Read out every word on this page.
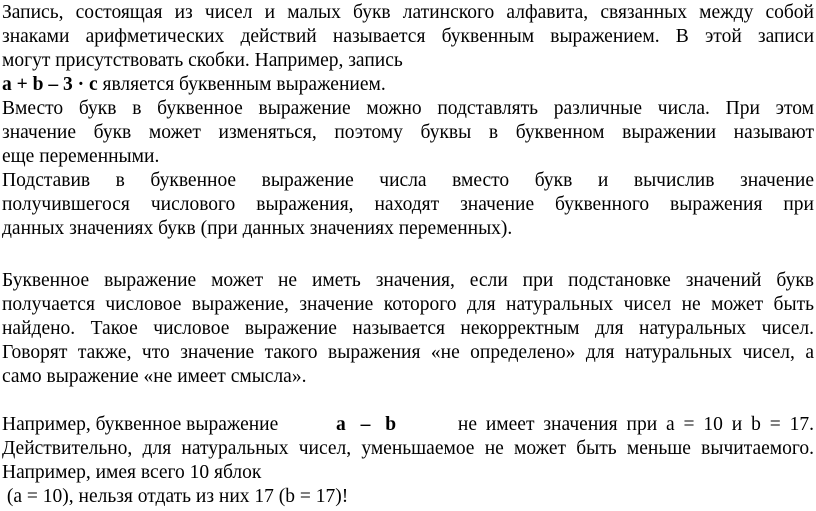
Запись, состоящая из чисел и малых букв латинского алфавита, связанных между собой
знаками арифметических действий называется буквенным выражением. В этой записи
могут присутствовать скобки. Например, запись
a + b – 3 · c является буквенным выражением.
Вместо букв в буквенное выражение можно подставлять различные числа. При этом
значение букв может изменяться, поэтому буквы в буквенном выражении называют
еще переменными.
Подставив в буквенное выражение числа вместо букв и вычислив значение
получившегося числового выражения, находят значение буквенного выражения при
данных значениях букв (при данных значениях переменных).
Буквенное выражение может не иметь значения, если при подстановке значений букв
получается числовое выражение, значение которого для натуральных чисел не может быть
найдено. Такое числовое выражение называется некорректным для натуральных чисел.
Говорят также, что значение такого выражения «не определено» для натуральных чисел, а
само выражение «не имеет смысла».
Например, буквенное выражение	a – b	не имеет значения при a = 10 и b = 17.
Действительно, для натуральных чисел, уменьшаемое не может быть меньше вычитаемого.
Например, имея всего 10 яблок
(a = 10), нельзя отдать из них 17 (b = 17)!
